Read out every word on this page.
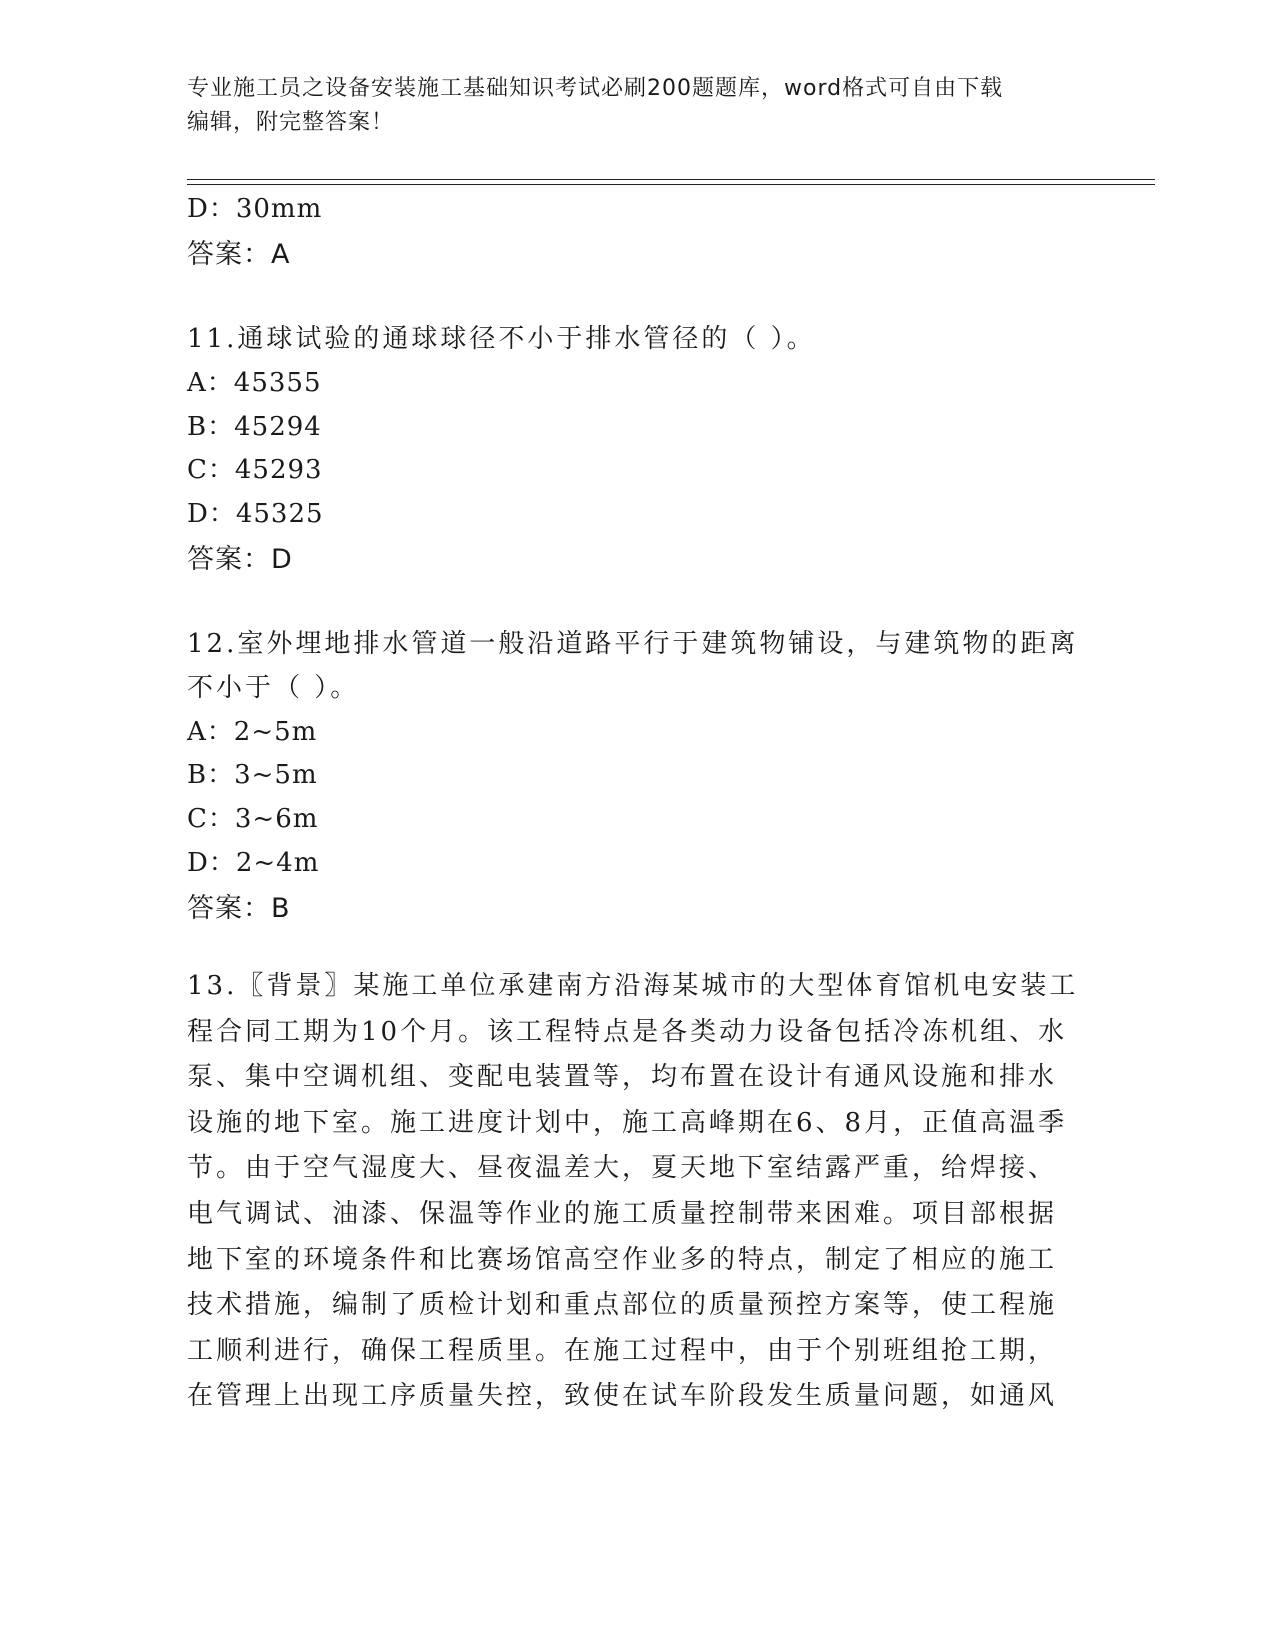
专业施工员之设备安装施工基础知识考试必刷200题题库，word格式可自由下载
编辑，附完整答案！
D：30mm
答案：A
11.通球试验的通球球径不小于排水管径的（ ）。
A：45355
B：45294
C：45293
D：45325
答案：D
12.室外埋地排水管道一般沿道路平行于建筑物铺设，与建筑物的距离
不小于（ ）。
A：2~5m
B：3~5m
C：3~6m
D：2~4m
答案：B
13.〖背景〗某施工单位承建南方沿海某城市的大型体育馆机电安装工
程合同工期为10个月。该工程特点是各类动力设备包括冷冻机组、水
泵、集中空调机组、变配电装置等，均布置在设计有通风设施和排水
设施的地下室。施工进度计划中，施工高峰期在6、8月，正值高温季
节。由于空气湿度大、昼夜温差大，夏天地下室结露严重，给焊接、
电气调试、油漆、保温等作业的施工质量控制带来困难。项目部根据
地下室的环境条件和比赛场馆高空作业多的特点，制定了相应的施工
技术措施，编制了质检计划和重点部位的质量预控方案等，使工程施
工顺利进行，确保工程质里。在施工过程中，由于个别班组抢工期，
在管理上出现工序质量失控，致使在试车阶段发生质量问题，如通风
